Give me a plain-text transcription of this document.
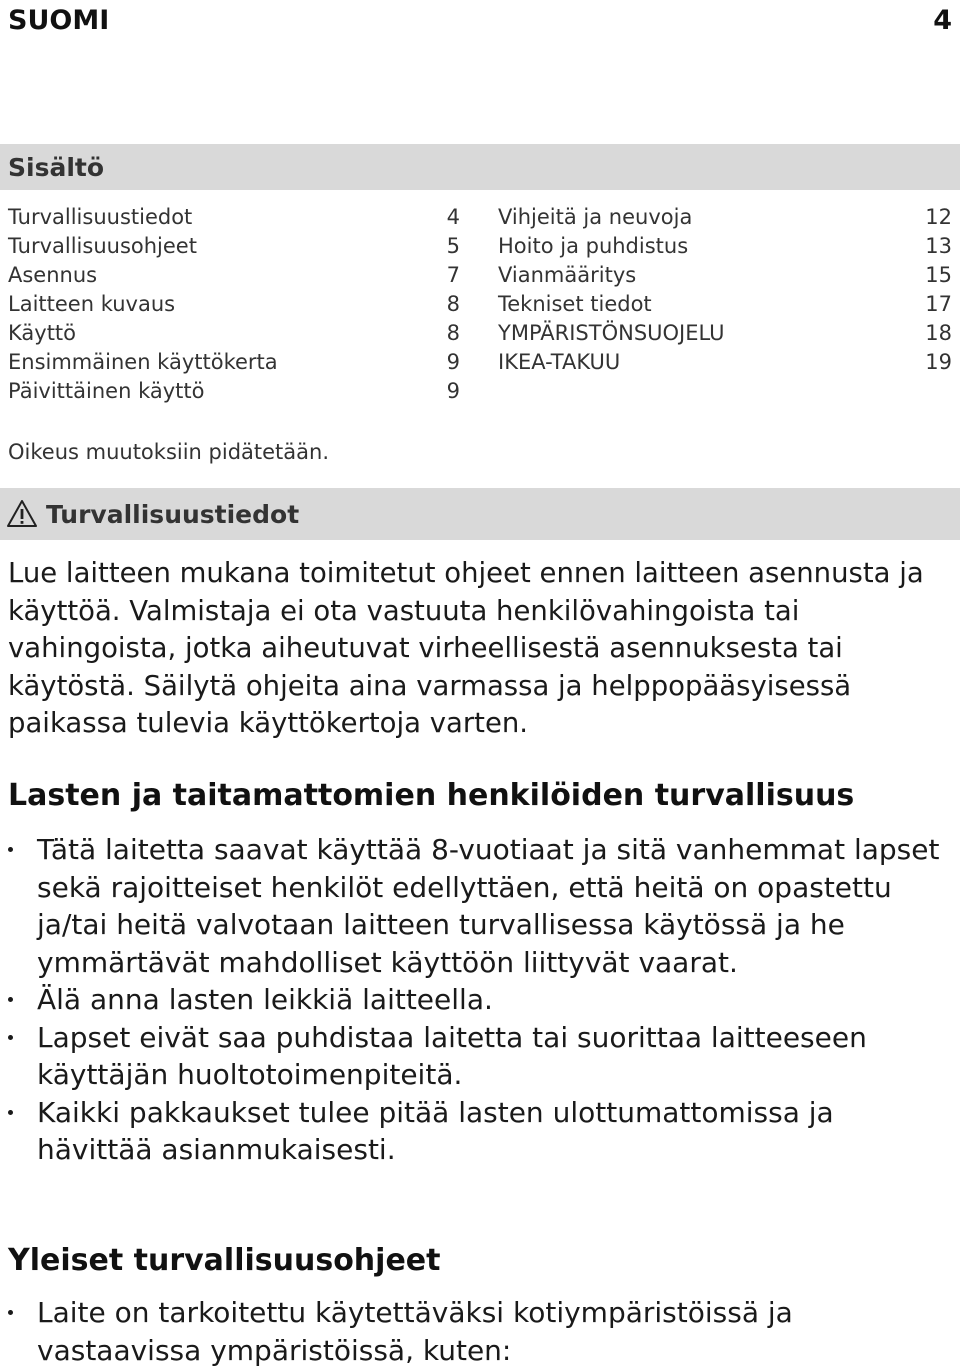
SUOMI	4
Sisältö
Turvallisuustiedot	4
Turvallisuusohjeet	5
Asennus	7
Laitteen kuvaus	8
Käyttö	8
Ensimmäinen käyttökerta	9
Päivittäinen käyttö	9
Vihjeitä ja neuvoja	12
Hoito ja puhdistus	13
Vianmääritys	15
Tekniset tiedot	17
YMPÄRISTÖNSUOJELU	18
IKEA-TAKUU	19
Oikeus muutoksiin pidätetään.
Turvallisuustiedot
Lue laitteen mukana toimitetut ohjeet ennen laitteen asennusta ja käyttöä. Valmistaja ei ota vastuuta henkilövahingoista tai vahingoista, jotka aiheutuvat virheellisestä asennuksesta tai käytöstä. Säilytä ohjeita aina varmassa ja helppopääsyisessä paikassa tulevia käyttökertoja varten.
Lasten ja taitamattomien henkilöiden turvallisuus
Tätä laitetta saavat käyttää 8-vuotiaat ja sitä vanhemmat lapset sekä rajoitteiset henkilöt edellyttäen, että heitä on opastettu ja/tai heitä valvotaan laitteen turvallisessa käytössä ja he ymmärtävät mahdolliset käyttöön liittyvät vaarat.
Älä anna lasten leikkiä laitteella.
Lapset eivät saa puhdistaa laitetta tai suorittaa laitteeseen käyttäjän huoltotoimenpiteitä.
Kaikki pakkaukset tulee pitää lasten ulottumattomissa ja hävittää asianmukaisesti.
Yleiset turvallisuusohjeet
Laite on tarkoitettu käytettäväksi kotiympäristöissä ja vastaavissa ympäristöissä, kuten:
